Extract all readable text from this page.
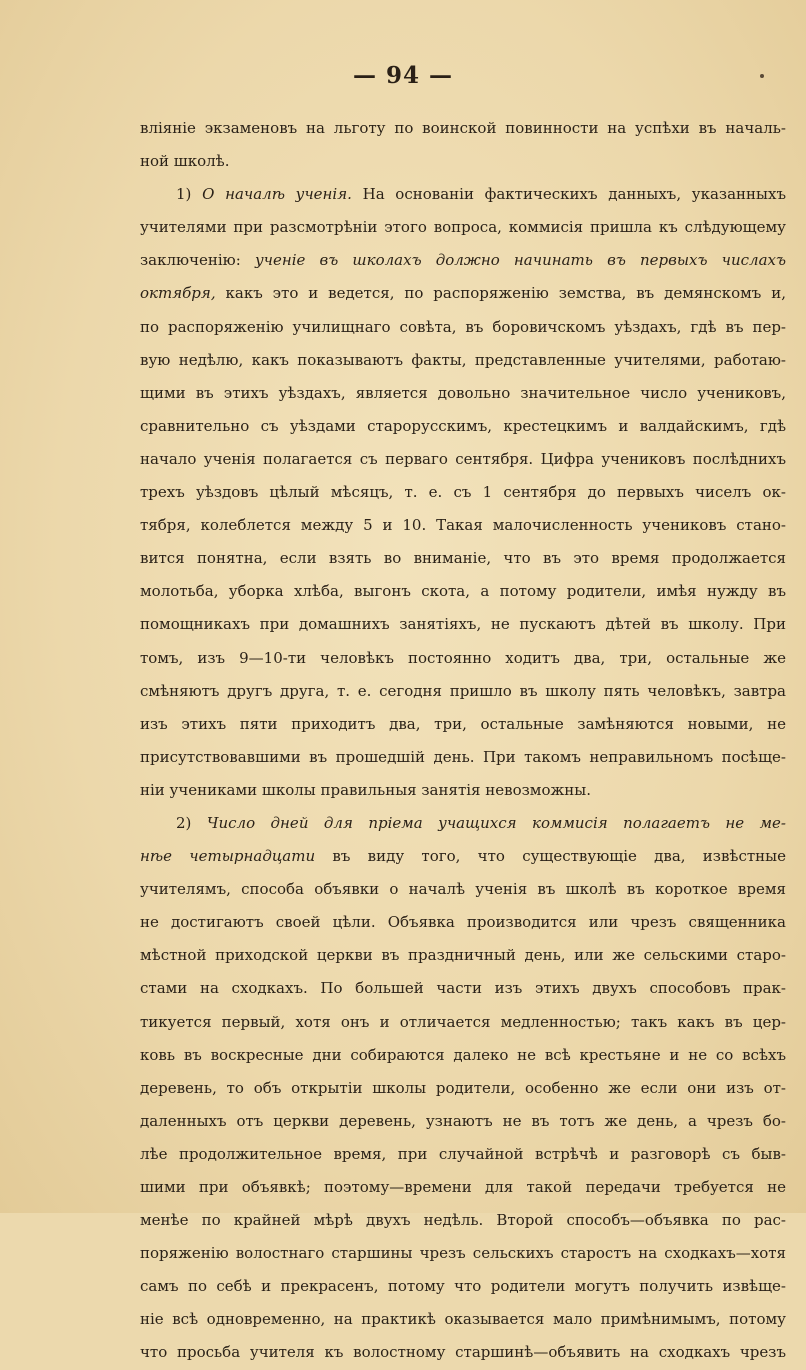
— 94 —
вліяніе экзаменовъ на льготу по воинской повинности на успѣхи въ началь-
ной школѣ.
1) О началѣ ученія. На основаніи фактическихъ данныхъ, указанныхъ
учителями при разсмотрѣніи этого вопроса, коммисія пришла къ слѣдующему
заключенію: ученіе въ школахъ должно начинать въ первыхъ числахъ
октября, какъ это и ведется, по распоряженію земства, въ демянскомъ и,
по распоряженію училищнаго совѣта, въ боровичскомъ уѣздахъ, гдѣ въ пер-
вую недѣлю, какъ показываютъ факты, представленные учителями, работаю-
щими въ этихъ уѣздахъ, является довольно значительное число учениковъ,
сравнительно съ уѣздами старорусскимъ, крестецкимъ и валдайскимъ, гдѣ
начало ученія полагается съ перваго сентября. Цифра учениковъ послѣднихъ
трехъ уѣздовъ цѣлый мѣсяцъ, т. е. съ 1 сентября до первыхъ чиселъ ок-
тября, колеблется между 5 и 10. Такая малочисленность учениковъ стано-
вится понятна, если взять во вниманіе, что въ это время продолжается
молотьба, уборка хлѣба, выгонъ скота, а потому родители, имѣя нужду въ
помощникахъ при домашнихъ занятіяхъ, не пускаютъ дѣтей въ школу. При
томъ, изъ 9—10-ти человѣкъ постоянно ходитъ два, три, остальные же
смѣняютъ другъ друга, т. е. сегодня пришло въ школу пять человѣкъ, завтра
изъ этихъ пяти приходитъ два, три, остальные замѣняются новыми, не
присутствовавшими въ прошедшій день. При такомъ неправильномъ посѣще-
ніи учениками школы правильныя занятія невозможны.
2) Число дней для пріема учащихся коммисія полагаетъ не ме-
нѣе четырнадцати въ виду того, что существующіе два, извѣстные
учителямъ, способа объявки о началѣ ученія въ школѣ въ короткое время
не достигаютъ своей цѣли. Объявка производится или чрезъ священника
мѣстной приходской церкви въ праздничный день, или же сельскими старо-
стами на сходкахъ. По большей части изъ этихъ двухъ способовъ прак-
тикуется первый, хотя онъ и отличается медленностью; такъ какъ въ цер-
ковь въ воскресные дни собираются далеко не всѣ крестьяне и не со всѣхъ
деревень, то объ открытіи школы родители, особенно же если они изъ от-
даленныхъ отъ церкви деревень, узнаютъ не въ тотъ же день, а чрезъ бо-
лѣе продолжительное время, при случайной встрѣчѣ и разговорѣ съ быв-
шими при объявкѣ; поэтому—времени для такой передачи требуется не
менѣе по крайней мѣрѣ двухъ недѣль. Второй способъ—объявка по рас-
поряженію волостнаго старшины чрезъ сельскихъ старостъ на сходкахъ—хотя
самъ по себѣ и прекрасенъ, потому что родители могутъ получить извѣще-
ніе всѣ одновременно, на практикѣ оказывается мало примѣнимымъ, потому
что просьба учителя къ волостному старшинѣ—объявить на сходкахъ чрезъ
